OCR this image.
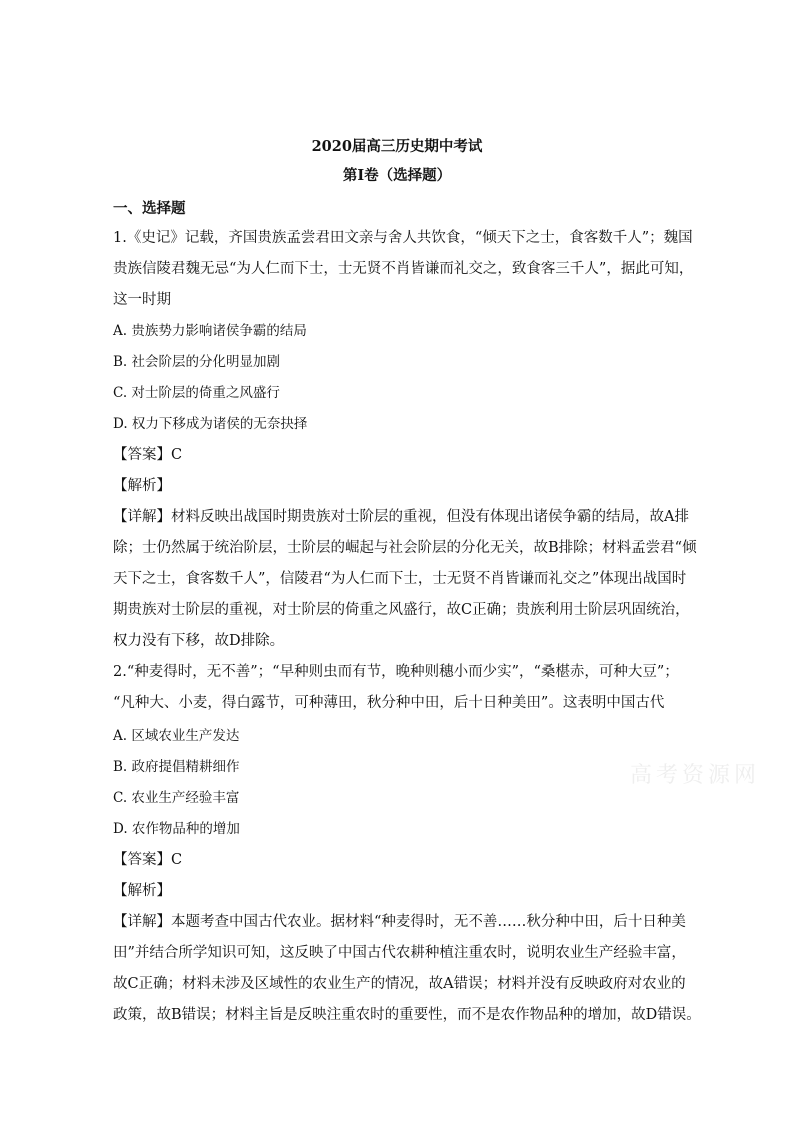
2020届高三历史期中考试
第Ⅰ卷（选择题）
一、选择题
1.《史记》记载，齐国贵族孟尝君田文亲与舍人共饮食，“倾天下之士，食客数千人”；魏国
贵族信陵君魏无忌“为人仁而下士，士无贤不肖皆谦而礼交之，致食客三千人”，据此可知，
这一时期
A. 贵族势力影响诸侯争霸的结局
B. 社会阶层的分化明显加剧
C. 对士阶层的倚重之风盛行
D. 权力下移成为诸侯的无奈抉择
【答案】C
【解析】
【详解】材料反映出战国时期贵族对士阶层的重视，但没有体现出诸侯争霸的结局，故A排
除；士仍然属于统治阶层，士阶层的崛起与社会阶层的分化无关，故B排除；材料孟尝君“倾
天下之士，食客数千人”，信陵君“为人仁而下士，士无贤不肖皆谦而礼交之”体现出战国时
期贵族对士阶层的重视，对士阶层的倚重之风盛行，故C正确；贵族利用士阶层巩固统治，
权力没有下移，故D排除。
2.“种麦得时，无不善”；“早种则虫而有节，晚种则穗小而少实”，“桑椹赤，可种大豆”；
“凡种大、小麦，得白露节，可种薄田，秋分种中田，后十日种美田”。这表明中国古代
A. 区域农业生产发达
B. 政府提倡精耕细作
C. 农业生产经验丰富
D. 农作物品种的增加
【答案】C
【解析】
【详解】本题考查中国古代农业。据材料“种麦得时，无不善……秋分种中田，后十日种美
田”并结合所学知识可知，这反映了中国古代农耕种植注重农时，说明农业生产经验丰富，
故C正确；材料未涉及区域性的农业生产的情况，故A错误；材料并没有反映政府对农业的
政策，故B错误；材料主旨是反映注重农时的重要性，而不是农作物品种的增加，故D错误。
高考资源网
